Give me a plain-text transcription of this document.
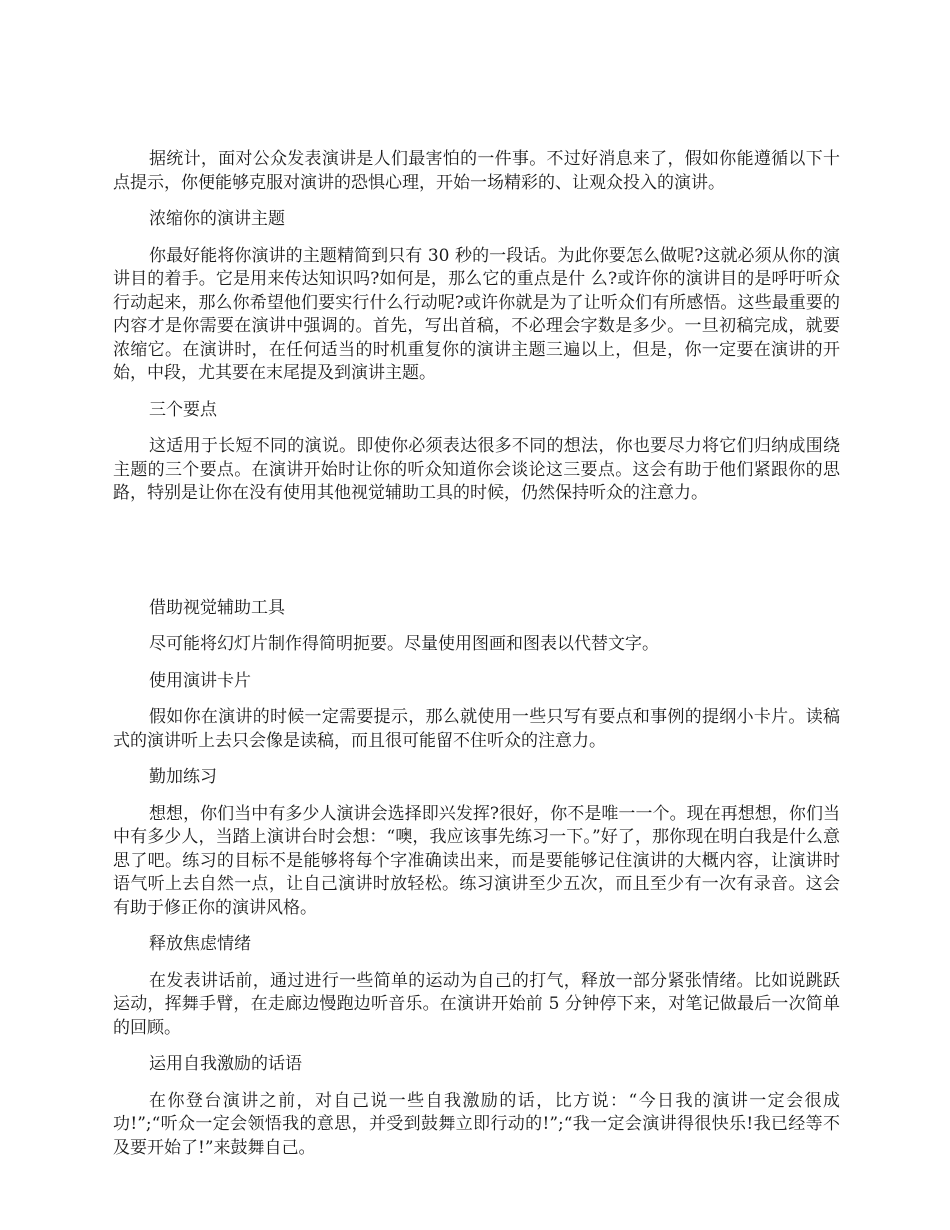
据统计，面对公众发表演讲是人们最害怕的一件事。不过好消息来了，假如你能遵循以下十点提示，你便能够克服对演讲的恐惧心理，开始一场精彩的、让观众投入的演讲。

浓缩你的演讲主题

你最好能将你演讲的主题精简到只有 30 秒的一段话。为此你要怎么做呢?这就必须从你的演讲目的着手。它是用来传达知识吗?如何是，那么它的重点是什 么?或许你的演讲目的是呼吁听众行动起来，那么你希望他们要实行什么行动呢?或许你就是为了让听众们有所感悟。这些最重要的内容才是你需要在演讲中强调的。首先，写出首稿，不必理会字数是多少。一旦初稿完成，就要浓缩它。在演讲时，在任何适当的时机重复你的演讲主题三遍以上，但是，你一定要在演讲的开始，中段，尤其要在末尾提及到演讲主题。

三个要点

这适用于长短不同的演说。即使你必须表达很多不同的想法，你也要尽力将它们归纳成围绕主题的三个要点。在演讲开始时让你的听众知道你会谈论这三要点。这会有助于他们紧跟你的思路，特别是让你在没有使用其他视觉辅助工具的时候，仍然保持听众的注意力。

借助视觉辅助工具

尽可能将幻灯片制作得简明扼要。尽量使用图画和图表以代替文字。

使用演讲卡片

假如你在演讲的时候一定需要提示，那么就使用一些只写有要点和事例的提纲小卡片。读稿式的演讲听上去只会像是读稿，而且很可能留不住听众的注意力。

勤加练习

想想，你们当中有多少人演讲会选择即兴发挥?很好，你不是唯一一个。现在再想想，你们当中有多少人，当踏上演讲台时会想：“噢，我应该事先练习一下。”好了，那你现在明白我是什么意思了吧。练习的目标不是能够将每个字准确读出来，而是要能够记住演讲的大概内容，让演讲时语气听上去自然一点，让自己演讲时放轻松。练习演讲至少五次，而且至少有一次有录音。这会有助于修正你的演讲风格。

释放焦虑情绪

在发表讲话前，通过进行一些简单的运动为自己的打气，释放一部分紧张情绪。比如说跳跃运动，挥舞手臂，在走廊边慢跑边听音乐。在演讲开始前 5 分钟停下来，对笔记做最后一次简单的回顾。

运用自我激励的话语

在你登台演讲之前，对自己说一些自我激励的话，比方说：“今日我的演讲一定会很成功!”;“听众一定会领悟我的意思，并受到鼓舞立即行动的!”;“我一定会演讲得很快乐!我已经等不及要开始了!”来鼓舞自己。
